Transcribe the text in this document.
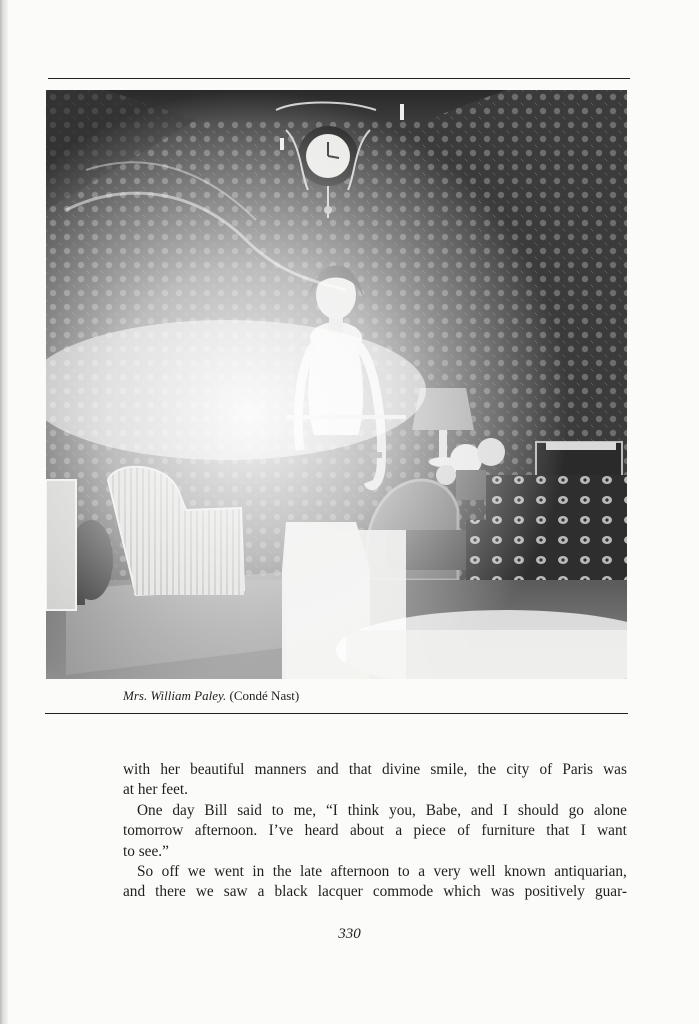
Mrs. William Paley. (Condé Nast)
with her beautiful manners and that divine smile, the city of Paris was
at
her
feet.
One day Bill said to me, “I think you, Babe, and I should go alone
tomorrow afternoon. I’ve heard about a piece of furniture that I want
to
see.”
So off we went in the late afternoon to a very well known antiquarian,
and there we saw a black lacquer commode which was positively guar-
330
